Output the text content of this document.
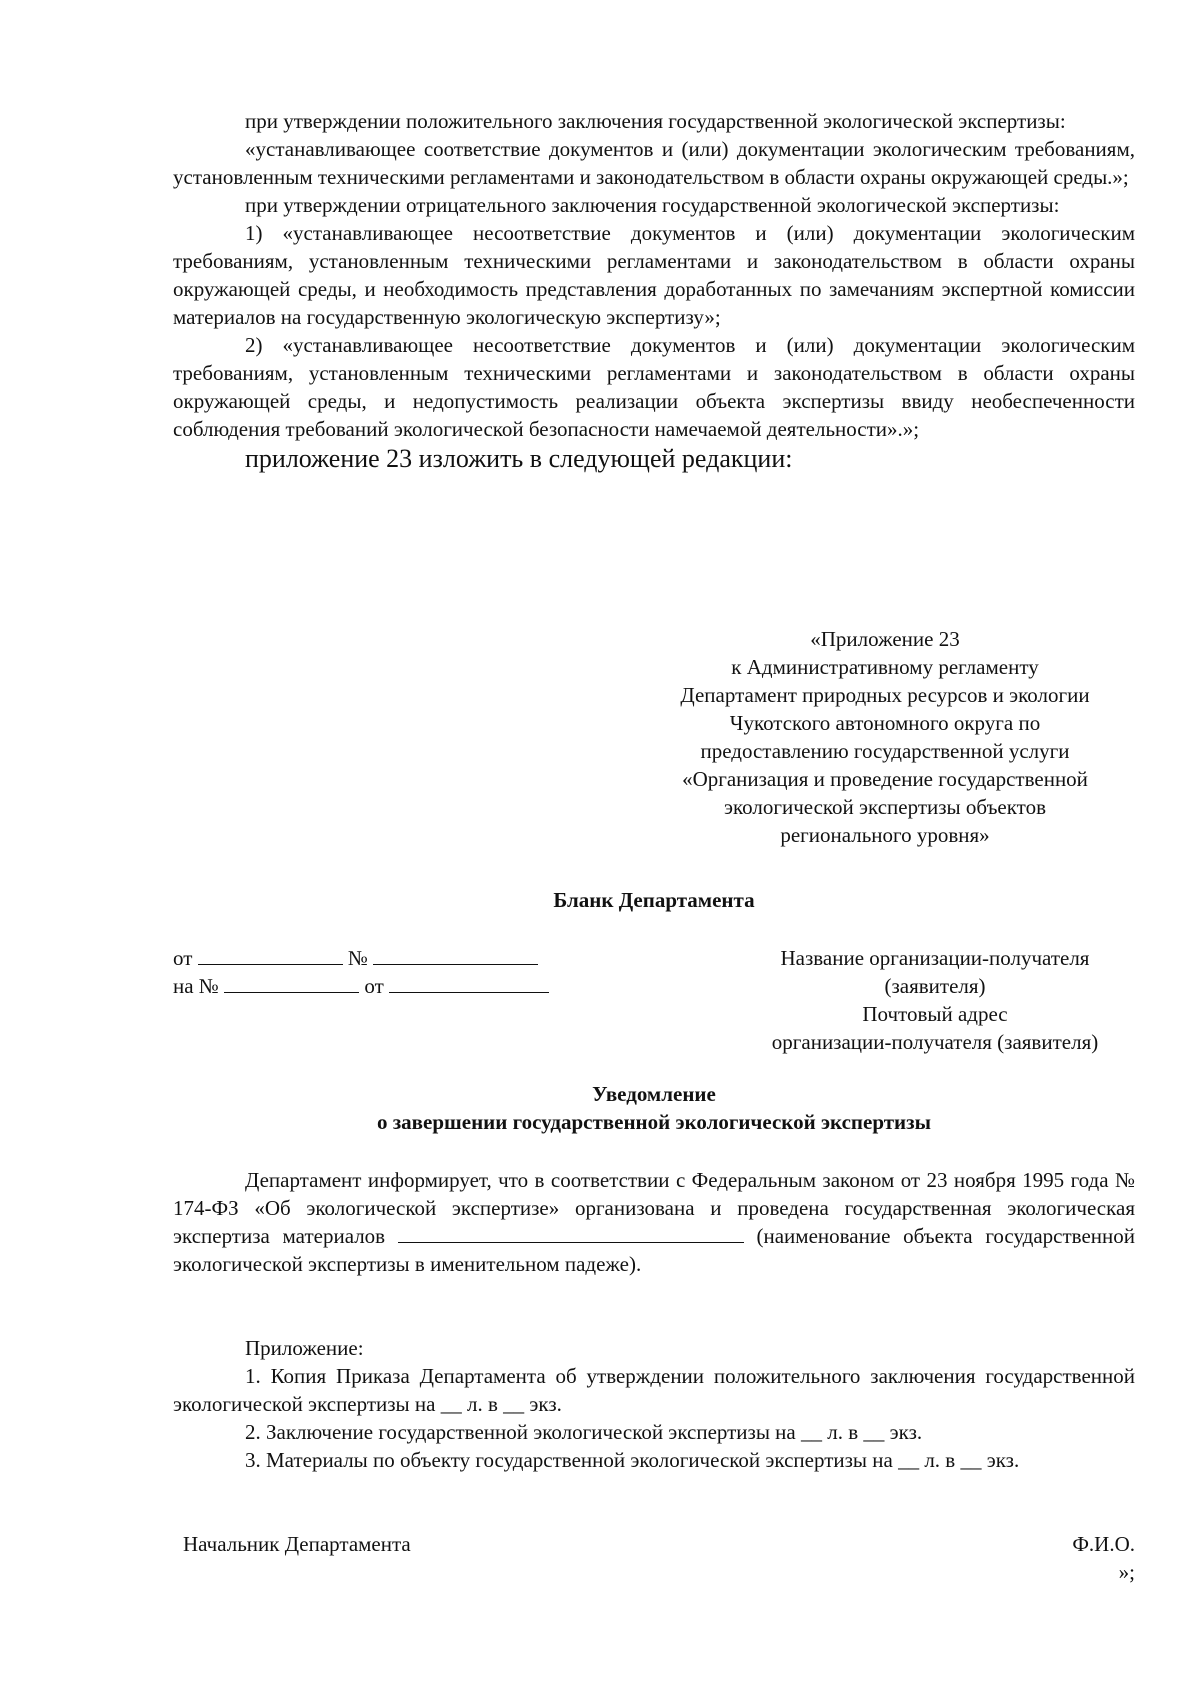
при утверждении положительного заключения государственной экологической экспертизы:

«устанавливающее соответствие документов и (или) документации экологическим требованиям, установленным техническими регламентами и законодательством в области охраны окружающей среды.»;

при утверждении отрицательного заключения государственной экологической экспертизы:

1) «устанавливающее несоответствие документов и (или) документации экологическим требованиям, установленным техническими регламентами и законодательством в области охраны окружающей среды, и необходимость представления доработанных по замечаниям экспертной комиссии материалов на государственную экологическую экспертизу»;

2) «устанавливающее несоответствие документов и (или) документации экологическим требованиям, установленным техническими регламентами и законодательством в области охраны окружающей среды, и недопустимость реализации объекта экспертизы ввиду необеспеченности соблюдения требований экологической безопасности намечаемой деятельности».»;

приложение 23 изложить в следующей редакции:

«Приложение 23
к Административному регламенту
Департамент природных ресурсов и экологии
Чукотского автономного округа по
предоставлению государственной услуги
«Организация и проведение государственной
экологической экспертизы объектов
регионального уровня»
Бланк Департамента
от	№
на №	от
Название организации-получателя
(заявителя)
Почтовый адрес
организации-получателя (заявителя)
Уведомление
о завершении государственной экологической экспертизы

Департамент информирует, что в соответствии с Федеральным законом от 23 ноября 1995 года № 174-ФЗ «Об экологической экспертизе» организована и проведена государственная экологическая экспертиза материалов	(наименование объекта государственной экологической экспертизы в именительном падеже).

Приложение:

1. Копия Приказа Департамента об утверждении положительного заключения государственной экологической экспертизы на __ л. в __ экз.

2. Заключение государственной экологической экспертизы на __ л. в __ экз.

3. Материалы по объекту государственной экологической экспертизы на __ л. в __ экз.

Начальник Департамента	Ф.И.О.
»;
